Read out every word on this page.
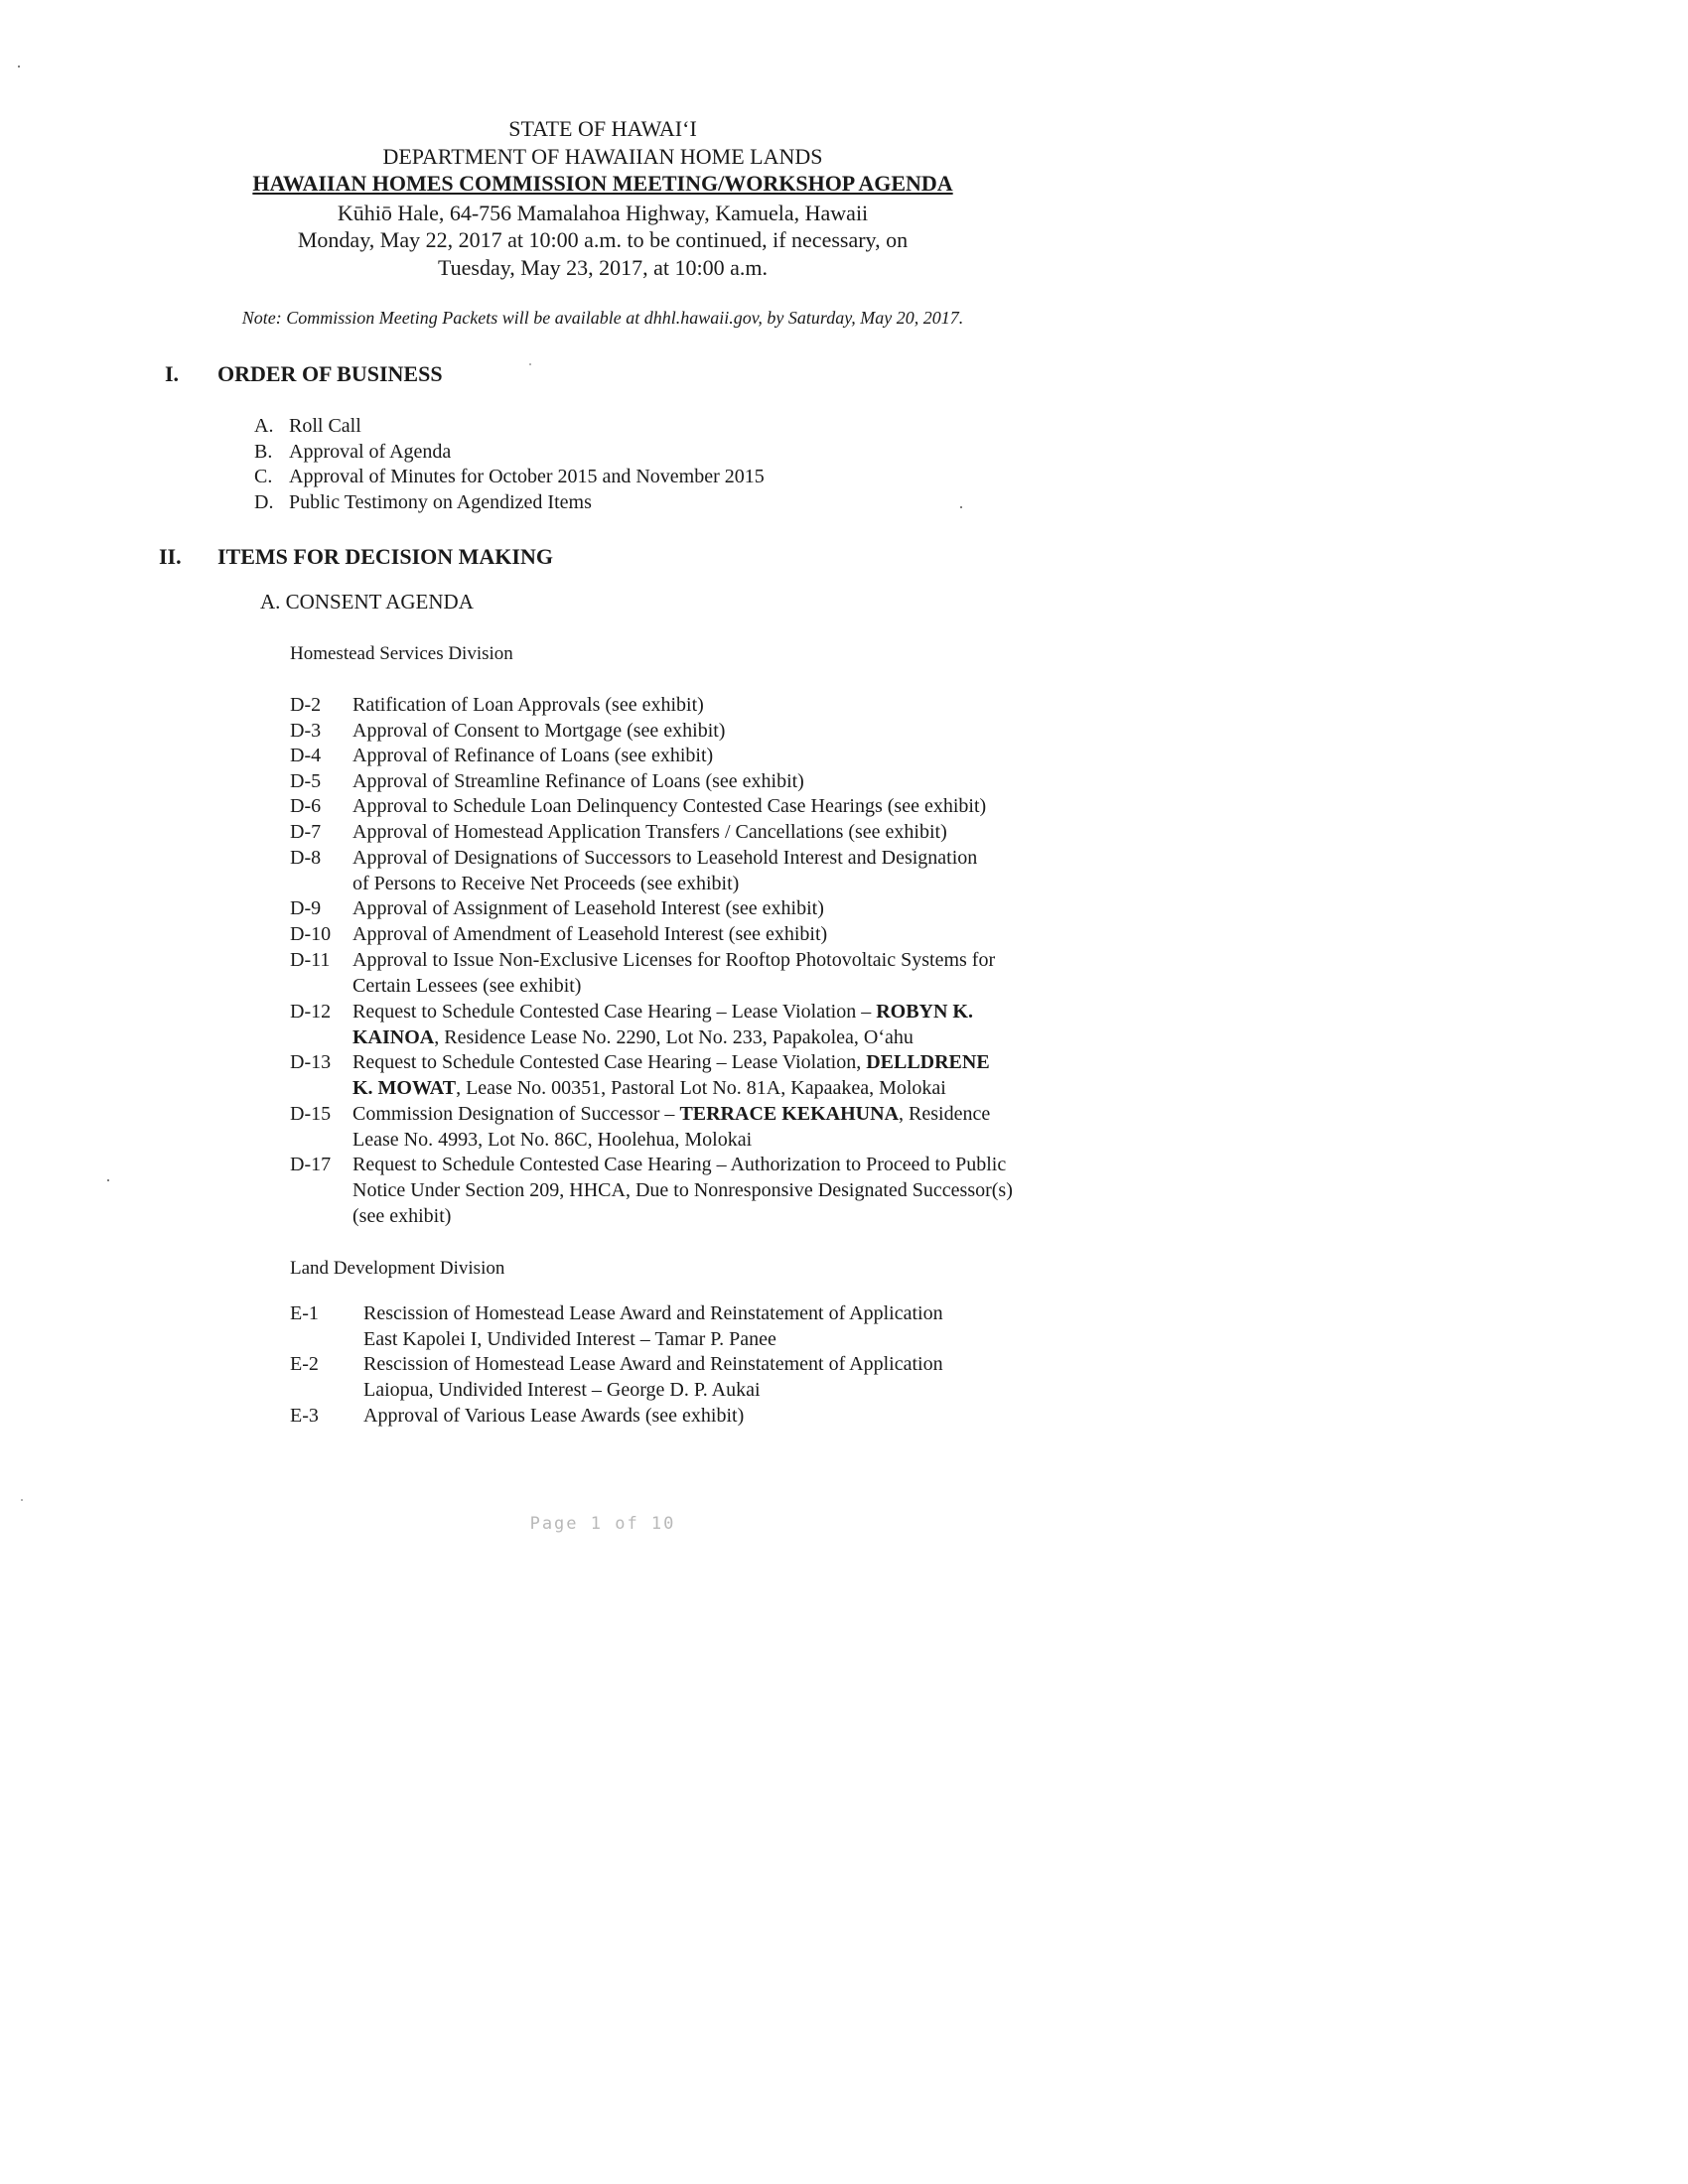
STATE OF HAWAI‘I
DEPARTMENT OF HAWAIIAN HOME LANDS
HAWAIIAN HOMES COMMISSION MEETING/WORKSHOP AGENDA
Kūhiō Hale, 64-756 Mamalahoa Highway, Kamuela, Hawaii
Monday, May 22, 2017 at 10:00 a.m. to be continued, if necessary, on
Tuesday, May 23, 2017, at 10:00 a.m.
Note: Commission Meeting Packets will be available at dhhl.hawaii.gov, by Saturday, May 20, 2017.
I. ORDER OF BUSINESS
A. Roll Call
B. Approval of Agenda
C. Approval of Minutes for October 2015 and November 2015
D. Public Testimony on Agendized Items
II. ITEMS FOR DECISION MAKING
A. CONSENT AGENDA
Homestead Services Division
D-2 Ratification of Loan Approvals (see exhibit)
D-3 Approval of Consent to Mortgage (see exhibit)
D-4 Approval of Refinance of Loans (see exhibit)
D-5 Approval of Streamline Refinance of Loans (see exhibit)
D-6 Approval to Schedule Loan Delinquency Contested Case Hearings (see exhibit)
D-7 Approval of Homestead Application Transfers / Cancellations (see exhibit)
D-8 Approval of Designations of Successors to Leasehold Interest and Designation
of Persons to Receive Net Proceeds (see exhibit)
D-9 Approval of Assignment of Leasehold Interest (see exhibit)
D-10 Approval of Amendment of Leasehold Interest (see exhibit)
D-11 Approval to Issue Non-Exclusive Licenses for Rooftop Photovoltaic Systems for
Certain Lessees (see exhibit)
D-12 Request to Schedule Contested Case Hearing – Lease Violation – ROBYN K.
KAINOA, Residence Lease No. 2290, Lot No. 233, Papakolea, O‘ahu
D-13 Request to Schedule Contested Case Hearing – Lease Violation, DELLDRENE
K. MOWAT, Lease No. 00351, Pastoral Lot No. 81A, Kapaakea, Molokai
D-15 Commission Designation of Successor – TERRACE KEKAHUNA, Residence
Lease No. 4993, Lot No. 86C, Hoolehua, Molokai
D-17 Request to Schedule Contested Case Hearing – Authorization to Proceed to Public
Notice Under Section 209, HHCA, Due to Nonresponsive Designated Successor(s)
(see exhibit)
Land Development Division
E-1 Rescission of Homestead Lease Award and Reinstatement of Application
East Kapolei I, Undivided Interest – Tamar P. Panee
E-2 Rescission of Homestead Lease Award and Reinstatement of Application
Laiopua, Undivided Interest – George D. P. Aukai
E-3 Approval of Various Lease Awards (see exhibit)
Page 1 of 10
